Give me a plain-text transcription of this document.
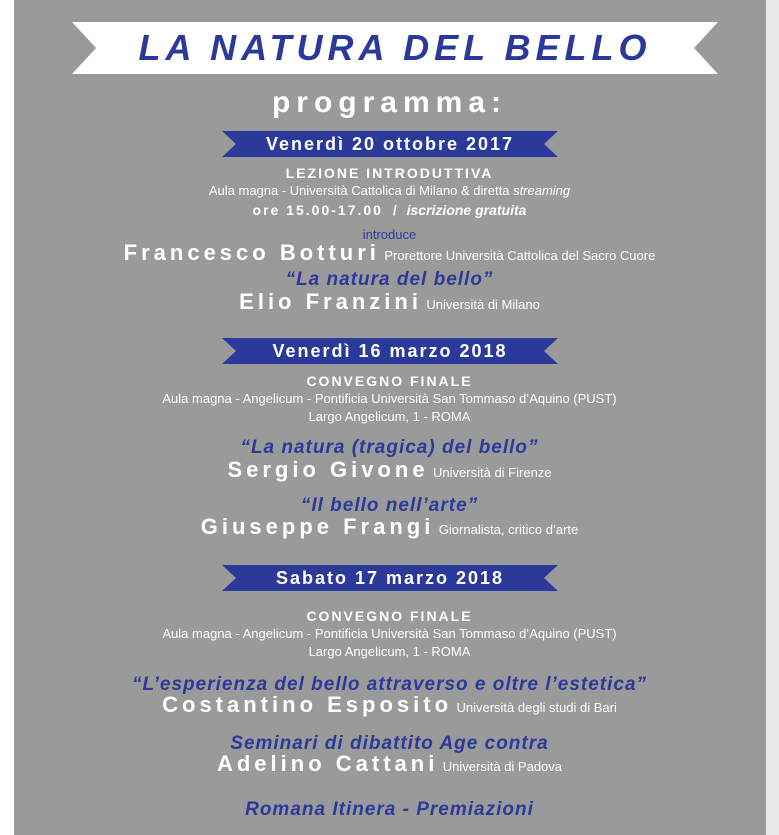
LA NATURA DEL BELLO
programma:
Venerdì 20 ottobre 2017
LEZIONE INTRODUTTIVA
Aula magna - Università Cattolica di Milano & diretta streaming
ore 15.00-17.00 / iscrizione gratuita
introduce
Francesco Botturi Prorettore Università Cattolica del Sacro Cuore
“La natura del bello”
Elio Franzini Università di Milano
Venerdì 16 marzo 2018
CONVEGNO FINALE
Aula magna - Angelicum - Pontificia Università San Tommaso d’Aquino (PUST)
Largo Angelicum, 1 - ROMA
“La natura (tragica) del bello”
Sergio Givone Università di Firenze
“Il bello nell’arte”
Giuseppe Frangi Giornalista, critico d’arte
Sabato 17 marzo 2018
CONVEGNO FINALE
Aula magna - Angelicum - Pontificia Università San Tommaso d’Aquino (PUST)
Largo Angelicum, 1 - ROMA
“L’esperienza del bello attraverso e oltre l’estetica”
Costantino Esposito Università degli studi di Bari
Seminari di dibattito Age contra
Adelino Cattani Università di Padova
Romana Itinera - Premiazioni
